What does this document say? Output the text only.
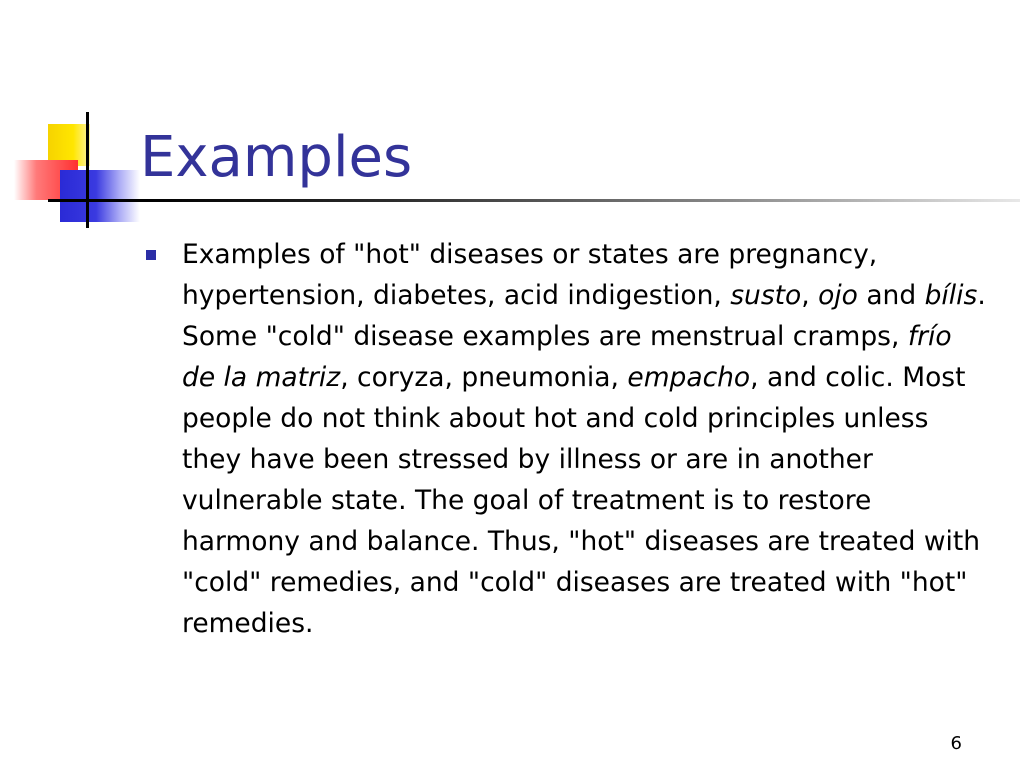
Examples

Examples of "hot" diseases or states are pregnancy, hypertension, diabetes, acid indigestion, susto, ojo and bílis. Some "cold" disease examples are menstrual cramps, frío de la matriz, coryza, pneumonia, empacho, and colic. Most people do not think about hot and cold principles unless they have been stressed by illness or are in another vulnerable state. The goal of treatment is to restore harmony and balance. Thus, "hot" diseases are treated with "cold" remedies, and "cold" diseases are treated with "hot" remedies.

6
